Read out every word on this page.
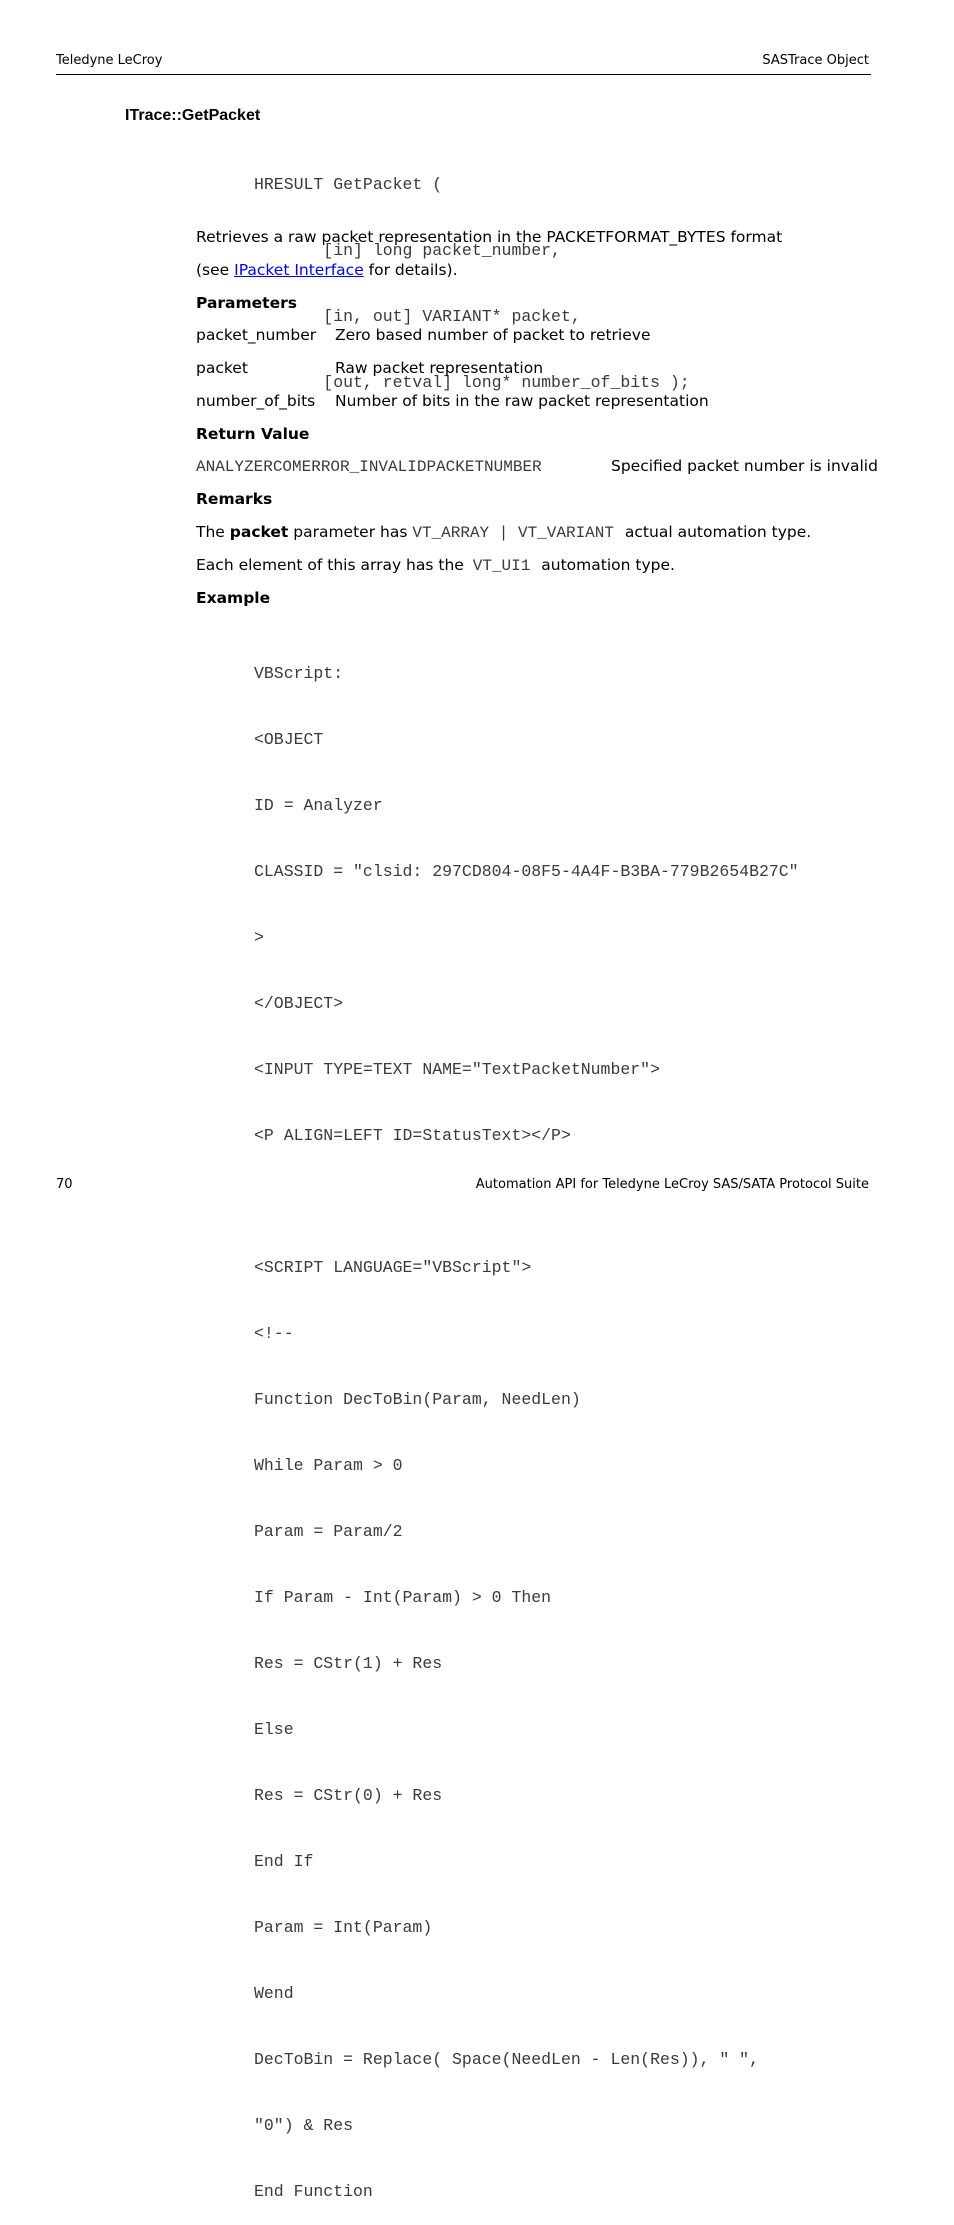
Teledyne LeCroy	SASTrace Object
ITrace::GetPacket

HRESULT GetPacket (

[in] long packet_number,

[in, out] VARIANT* packet,

[out, retval] long* number_of_bits );

Retrieves a raw packet representation in the PACKETFORMAT_BYTES format
(see IPacket Interface for details).
Parameters
packet_number Zero based number of packet to retrieve
packet	Raw packet representation
number_of_bits Number of bits in the raw packet representation
Return Value
ANALYZERCOMERROR_INVALIDPACKETNUMBER	Specified packet number is invalid
Remarks
The packet parameter has VT_ARRAY | VT_VARIANT actual automation type.
Each element of this array has the VT_UI1 automation type.
Example

VBScript:

<OBJECT

ID = Analyzer

CLASSID = "clsid: 297CD804-08F5-4A4F-B3BA-779B2654B27C"

>

</OBJECT>

<INPUT TYPE=TEXT NAME="TextPacketNumber">

<P ALIGN=LEFT ID=StatusText></P>

<SCRIPT LANGUAGE="VBScript">

<!--

Function DecToBin(Param, NeedLen)

While Param > 0

Param = Param/2

If Param - Int(Param) > 0 Then

Res = CStr(1) + Res

Else

Res = CStr(0) + Res

End If

Param = Int(Param)

Wend

DecToBin = Replace( Space(NeedLen - Len(Res)), " ",

"0") & Res

End Function

70	Automation API for Teledyne LeCroy SAS/SATA Protocol Suite
